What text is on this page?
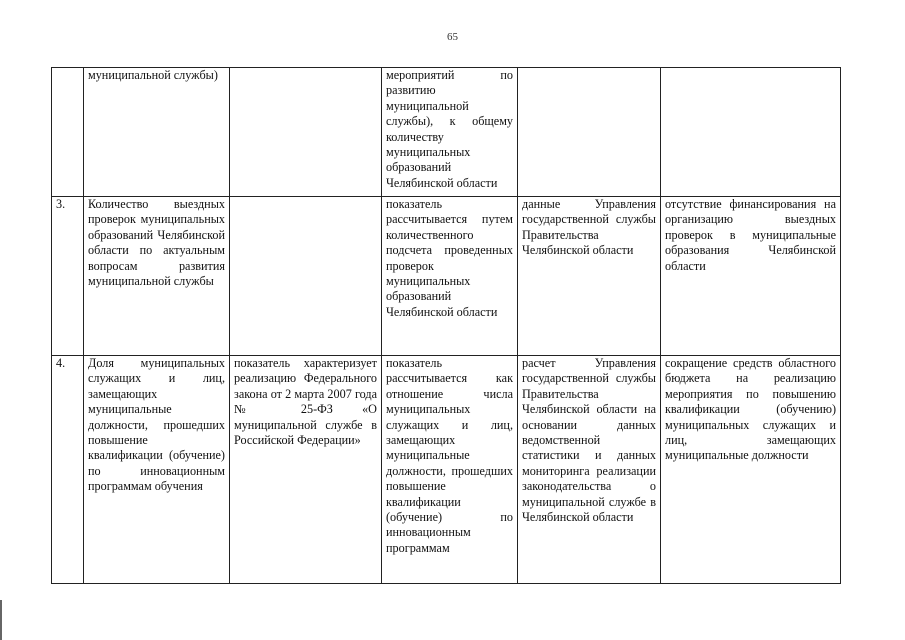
65
	муниципальной службы)		мероприятий по развитию муниципальной службы), к общему количеству муниципальных образований Челябинской области		
3.	Количество выездных проверок муниципальных образований Челябинской области по актуальным вопросам развития муниципальной службы		показатель рассчитывается путем количественного подсчета проведенных проверок муниципальных образований Челябинской области	данные Управления государственной службы Правительства Челябинской области	отсутствие финансирования на организацию выездных проверок в муниципальные образования Челябинской области
4.	Доля муниципальных служащих и лиц, замещающих муниципальные должности, прошедших повышение квалификации (обучение) по инновационным программам обучения	показатель характеризует реализацию Федерального закона от 2 марта 2007 года № 25-ФЗ «О муниципальной службе в Российской Федерации»	показатель рассчитывается как отношение числа муниципальных служащих и лиц, замещающих муниципальные должности, прошедших повышение квалификации (обучение) по инновационным программам	расчет Управления государственной службы Правительства Челябинской области на основании данных ведомственной статистики и данных мониторинга реализации законодательства о муниципальной службе в Челябинской области	сокращение средств областного бюджета на реализацию мероприятия по повышению квалификации (обучению) муниципальных служащих и лиц, замещающих муниципальные должности
